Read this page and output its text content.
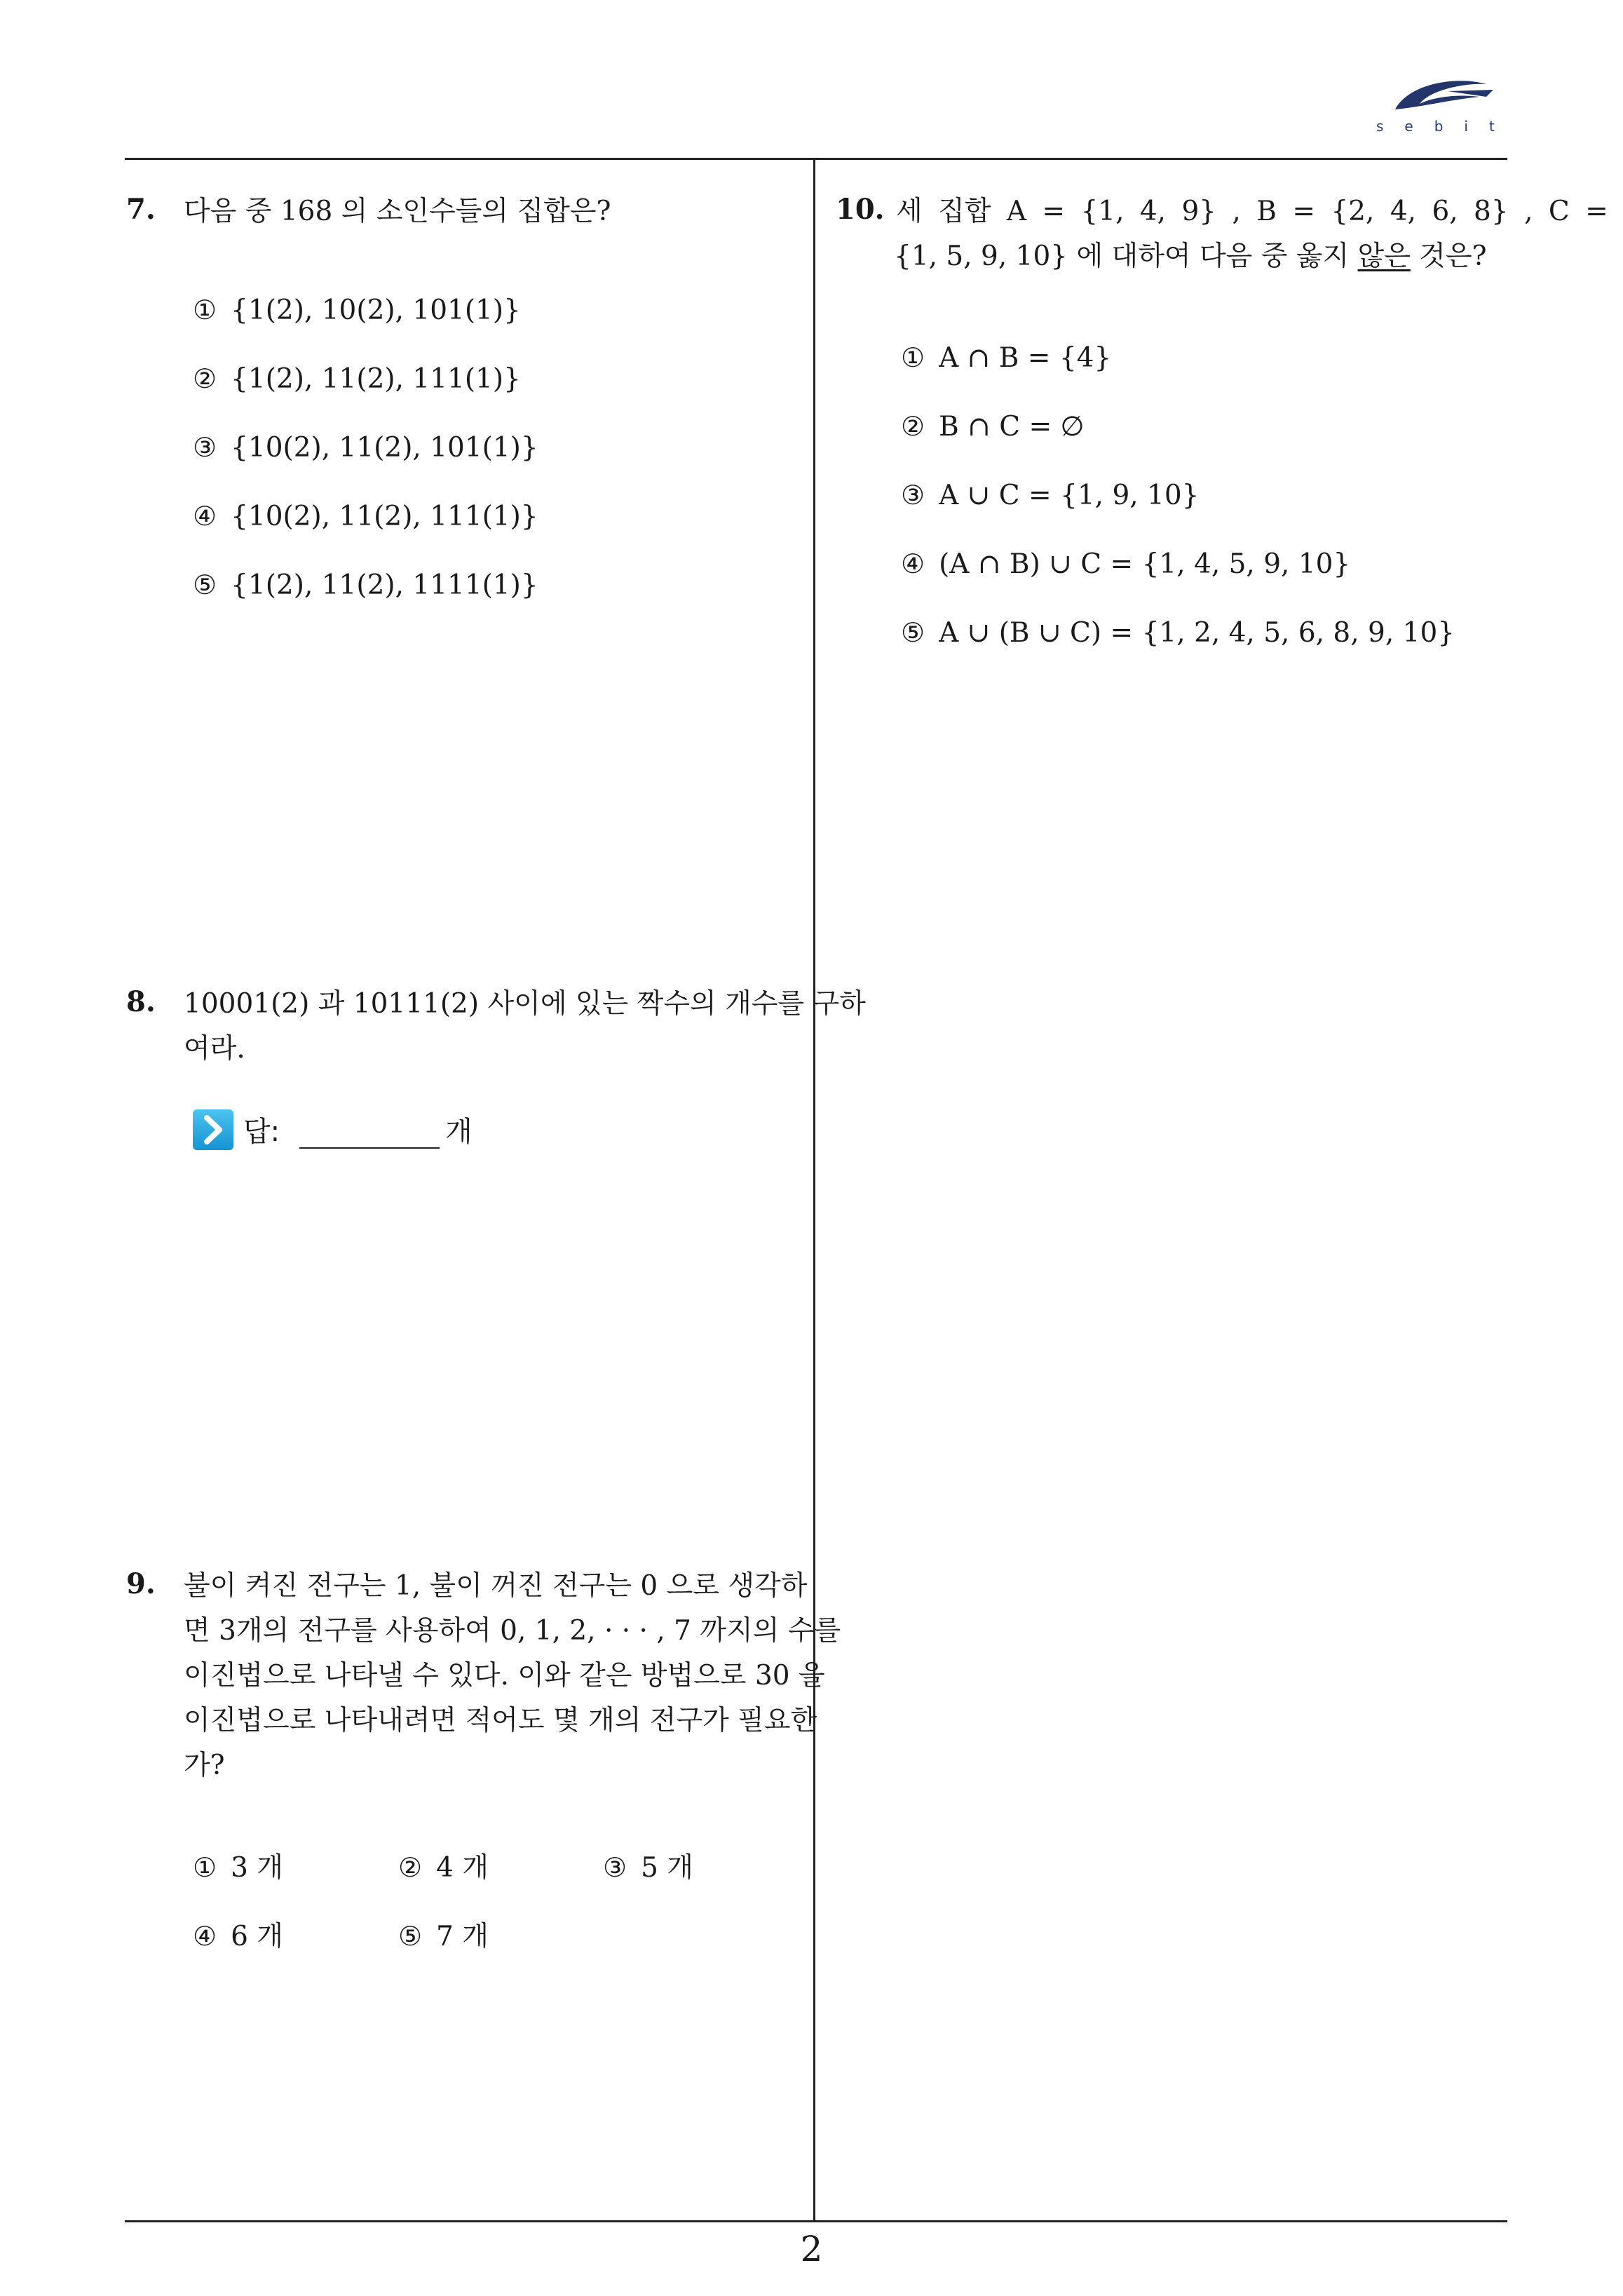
sebit
7. 다음 중 168 의 소인수들의 집합은?
① {1(2), 10(2), 101(1)}
② {1(2), 11(2), 111(1)}
③ {10(2), 11(2), 101(1)}
④ {10(2), 11(2), 111(1)}
⑤ {1(2), 11(2), 1111(1)}
8. 10001(2) 과 10111(2) 사이에 있는 짝수의 개수를 구하
여라.
답:	개
9. 불이 켜진 전구는 1, 불이 꺼진 전구는 0 으로 생각하
면 3개의 전구를 사용하여 0, 1, 2, · · · , 7 까지의 수를
이진법으로 나타낼 수 있다. 이와 같은 방법으로 30 을
이진법으로 나타내려면 적어도 몇 개의 전구가 필요한
가?
① 3 개	② 4 개	③ 5 개
④ 6 개	⑤ 7 개
10. 세 집합 A = {1, 4, 9} , B = {2, 4, 6, 8} , C =
{1, 5, 9, 10} 에 대하여 다음 중 옳지 않은 것은?
① A ∩ B = {4}
② B ∩ C = ∅
③ A ∪ C = {1, 9, 10}
④ (A ∩ B) ∪ C = {1, 4, 5, 9, 10}
⑤ A ∪ (B ∪ C) = {1, 2, 4, 5, 6, 8, 9, 10}
2
